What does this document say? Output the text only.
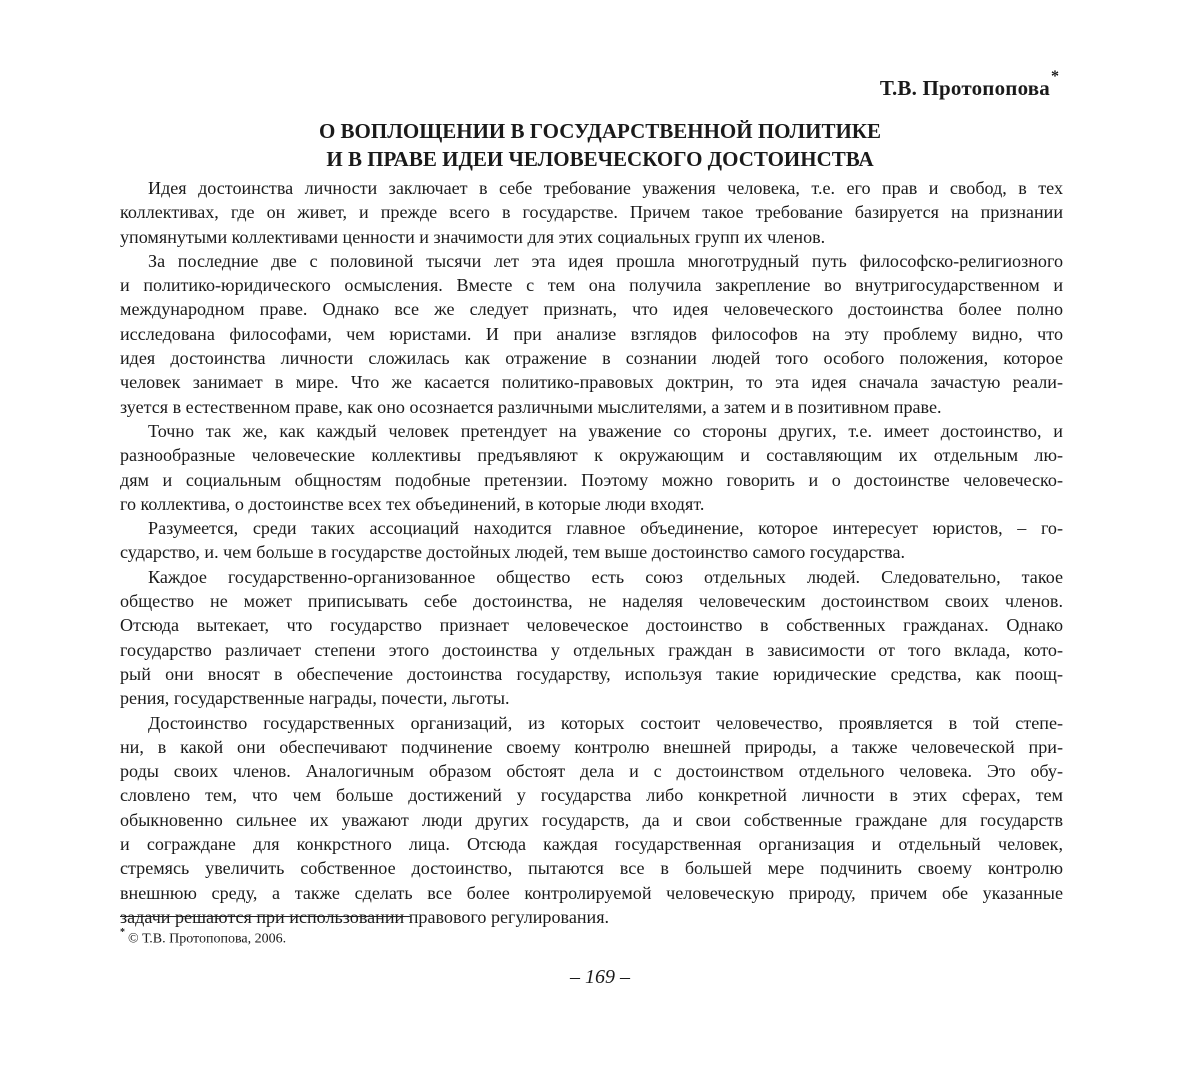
Т.В. Протопопова *
О ВОПЛОЩЕНИИ В ГОСУДАРСТВЕННОЙ ПОЛИТИКЕ
И В ПРАВЕ ИДЕИ ЧЕЛОВЕЧЕСКОГО ДОСТОИНСТВА
Идея достоинства личности заключает в себе требование уважения человека, т.е. его прав и свобод, в тех
коллективах, где он живет, и прежде всего в государстве. Причем такое требование базируется на признании
упомянутыми коллективами ценности и значимости для этих социальных групп их членов.
За последние две с половиной тысячи лет эта идея прошла многотрудный путь философско-религиозного
и политико-юридического осмысления. Вместе с тем она получила закрепление во внутригосударственном и
международном праве. Однако все же следует признать, что идея человеческого достоинства более полно
исследована философами, чем юристами. И при анализе взглядов философов на эту проблему видно, что
идея достоинства личности сложилась как отражение в сознании людей того особого положения, которое
человек занимает в мире. Что же касается политико-правовых доктрин, то эта идея сначала зачастую реали-
зуется в естественном праве, как оно осознается различными мыслителями, а затем и в позитивном праве.
Точно так же, как каждый человек претендует на уважение со стороны других, т.е. имеет достоинство, и
разнообразные человеческие коллективы предъявляют к окружающим и составляющим их отдельным лю-
дям и социальным общностям подобные претензии. Поэтому можно говорить и о достоинстве человеческо-
го коллектива, о достоинстве всех тех объединений, в которые люди входят.
Разумеется, среди таких ассоциаций находится главное объединение, которое интересует юристов, – го-
сударство, и. чем больше в государстве достойных людей, тем выше достоинство самого государства.
Каждое государственно-организованное общество есть союз отдельных людей. Следовательно, такое
общество не может приписывать себе достоинства, не наделяя человеческим достоинством своих членов.
Отсюда вытекает, что государство признает человеческое достоинство в собственных гражданах. Однако
государство различает степени этого достоинства у отдельных граждан в зависимости от того вклада, кото-
рый они вносят в обеспечение достоинства государству, используя такие юридические средства, как поощ-
рения, государственные награды, почести, льготы.
Достоинство государственных организаций, из которых состоит человечество, проявляется в той степе-
ни, в какой они обеспечивают подчинение своему контролю внешней природы, а также человеческой при-
роды своих членов. Аналогичным образом обстоят дела и с достоинством отдельного человека. Это обу-
словлено тем, что чем больше достижений у государства либо конкретной личности в этих сферах, тем
обыкновенно сильнее их уважают люди других государств, да и свои собственные граждане для государств
и сограждане для конкрстного лица. Отсюда каждая государственная организация и отдельный человек,
стремясь увеличить собственное достоинство, пытаются все в большей мере подчинить своему контролю
внешнюю среду, а также сделать все более контролируемой человеческую природу, причем обе указанные
задачи решаются при использовании правового регулирования.
* © Т.В. Протопопова, 2006.
– 169 –
